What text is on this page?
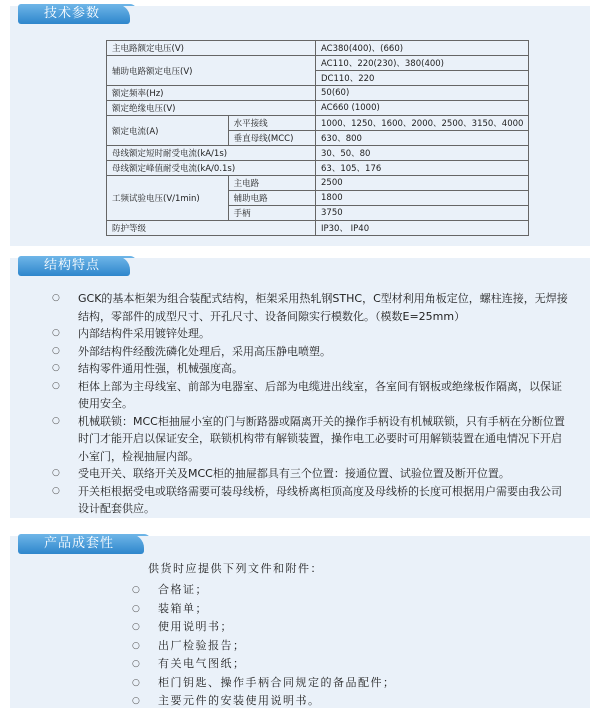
技术参数
主电路额定电压(V)		AC380(400)、(660)
辅助电路额定电压(V)		AC110、220(230)、380(400)
		DC110、220
额定频率(Hz)		50(60)
额定绝缘电压(V)		AC660 (1000)
额定电流(A)	水平接线	1000、1250、1600、2000、2500、3150、4000
	垂直母线(MCC)	630、800
母线额定短时耐受电流(kA/1s)		30、50、80
母线额定峰值耐受电流(kA/0.1s)		63、105、176
工频试验电压(V/1min)	主电路	2500
	辅助电路	1800
	手柄	3750
防护等级		IP30、 IP40
结构特点
○ GCK的基本柜架为组合装配式结构，柜架采用热轧钢STHC，C型材利用角板定位，螺柱连接，无焊接结构，零部件的成型尺寸、开孔尺寸、设备间隙实行模数化。（模数E=25mm）
○ 内部结构件采用镀锌处理。
○ 外部结构件经酸洗磷化处理后，采用高压静电喷塑。
○ 结构零件通用性强，机械强度高。
○ 柜体上部为主母线室、前部为电器室、后部为电缆进出线室，各室间有钢板或绝缘板作隔离，以保证使用安全。
○ 机械联锁：MCC柜抽屉小室的门与断路器或隔离开关的操作手柄设有机械联锁，只有手柄在分断位置时门才能开启以保证安全，联锁机构带有解锁装置，操作电工必要时可用解锁装置在通电情况下开启小室门，检视抽屉内部。
○ 受电开关、联络开关及MCC柜的抽屉都具有三个位置：接通位置、试验位置及断开位置。
○ 开关柜根据受电或联络需要可装母线桥，母线桥离柜顶高度及母线桥的长度可根据用户需要由我公司设计配套供应。
产品成套性
供货时应提供下列文件和附件：
○ 合格证；
○ 装箱单；
○ 使用说明书；
○ 出厂检验报告；
○ 有关电气图纸；
○ 柜门钥匙、操作手柄合同规定的备品配件；
○ 主要元件的安装使用说明书。
